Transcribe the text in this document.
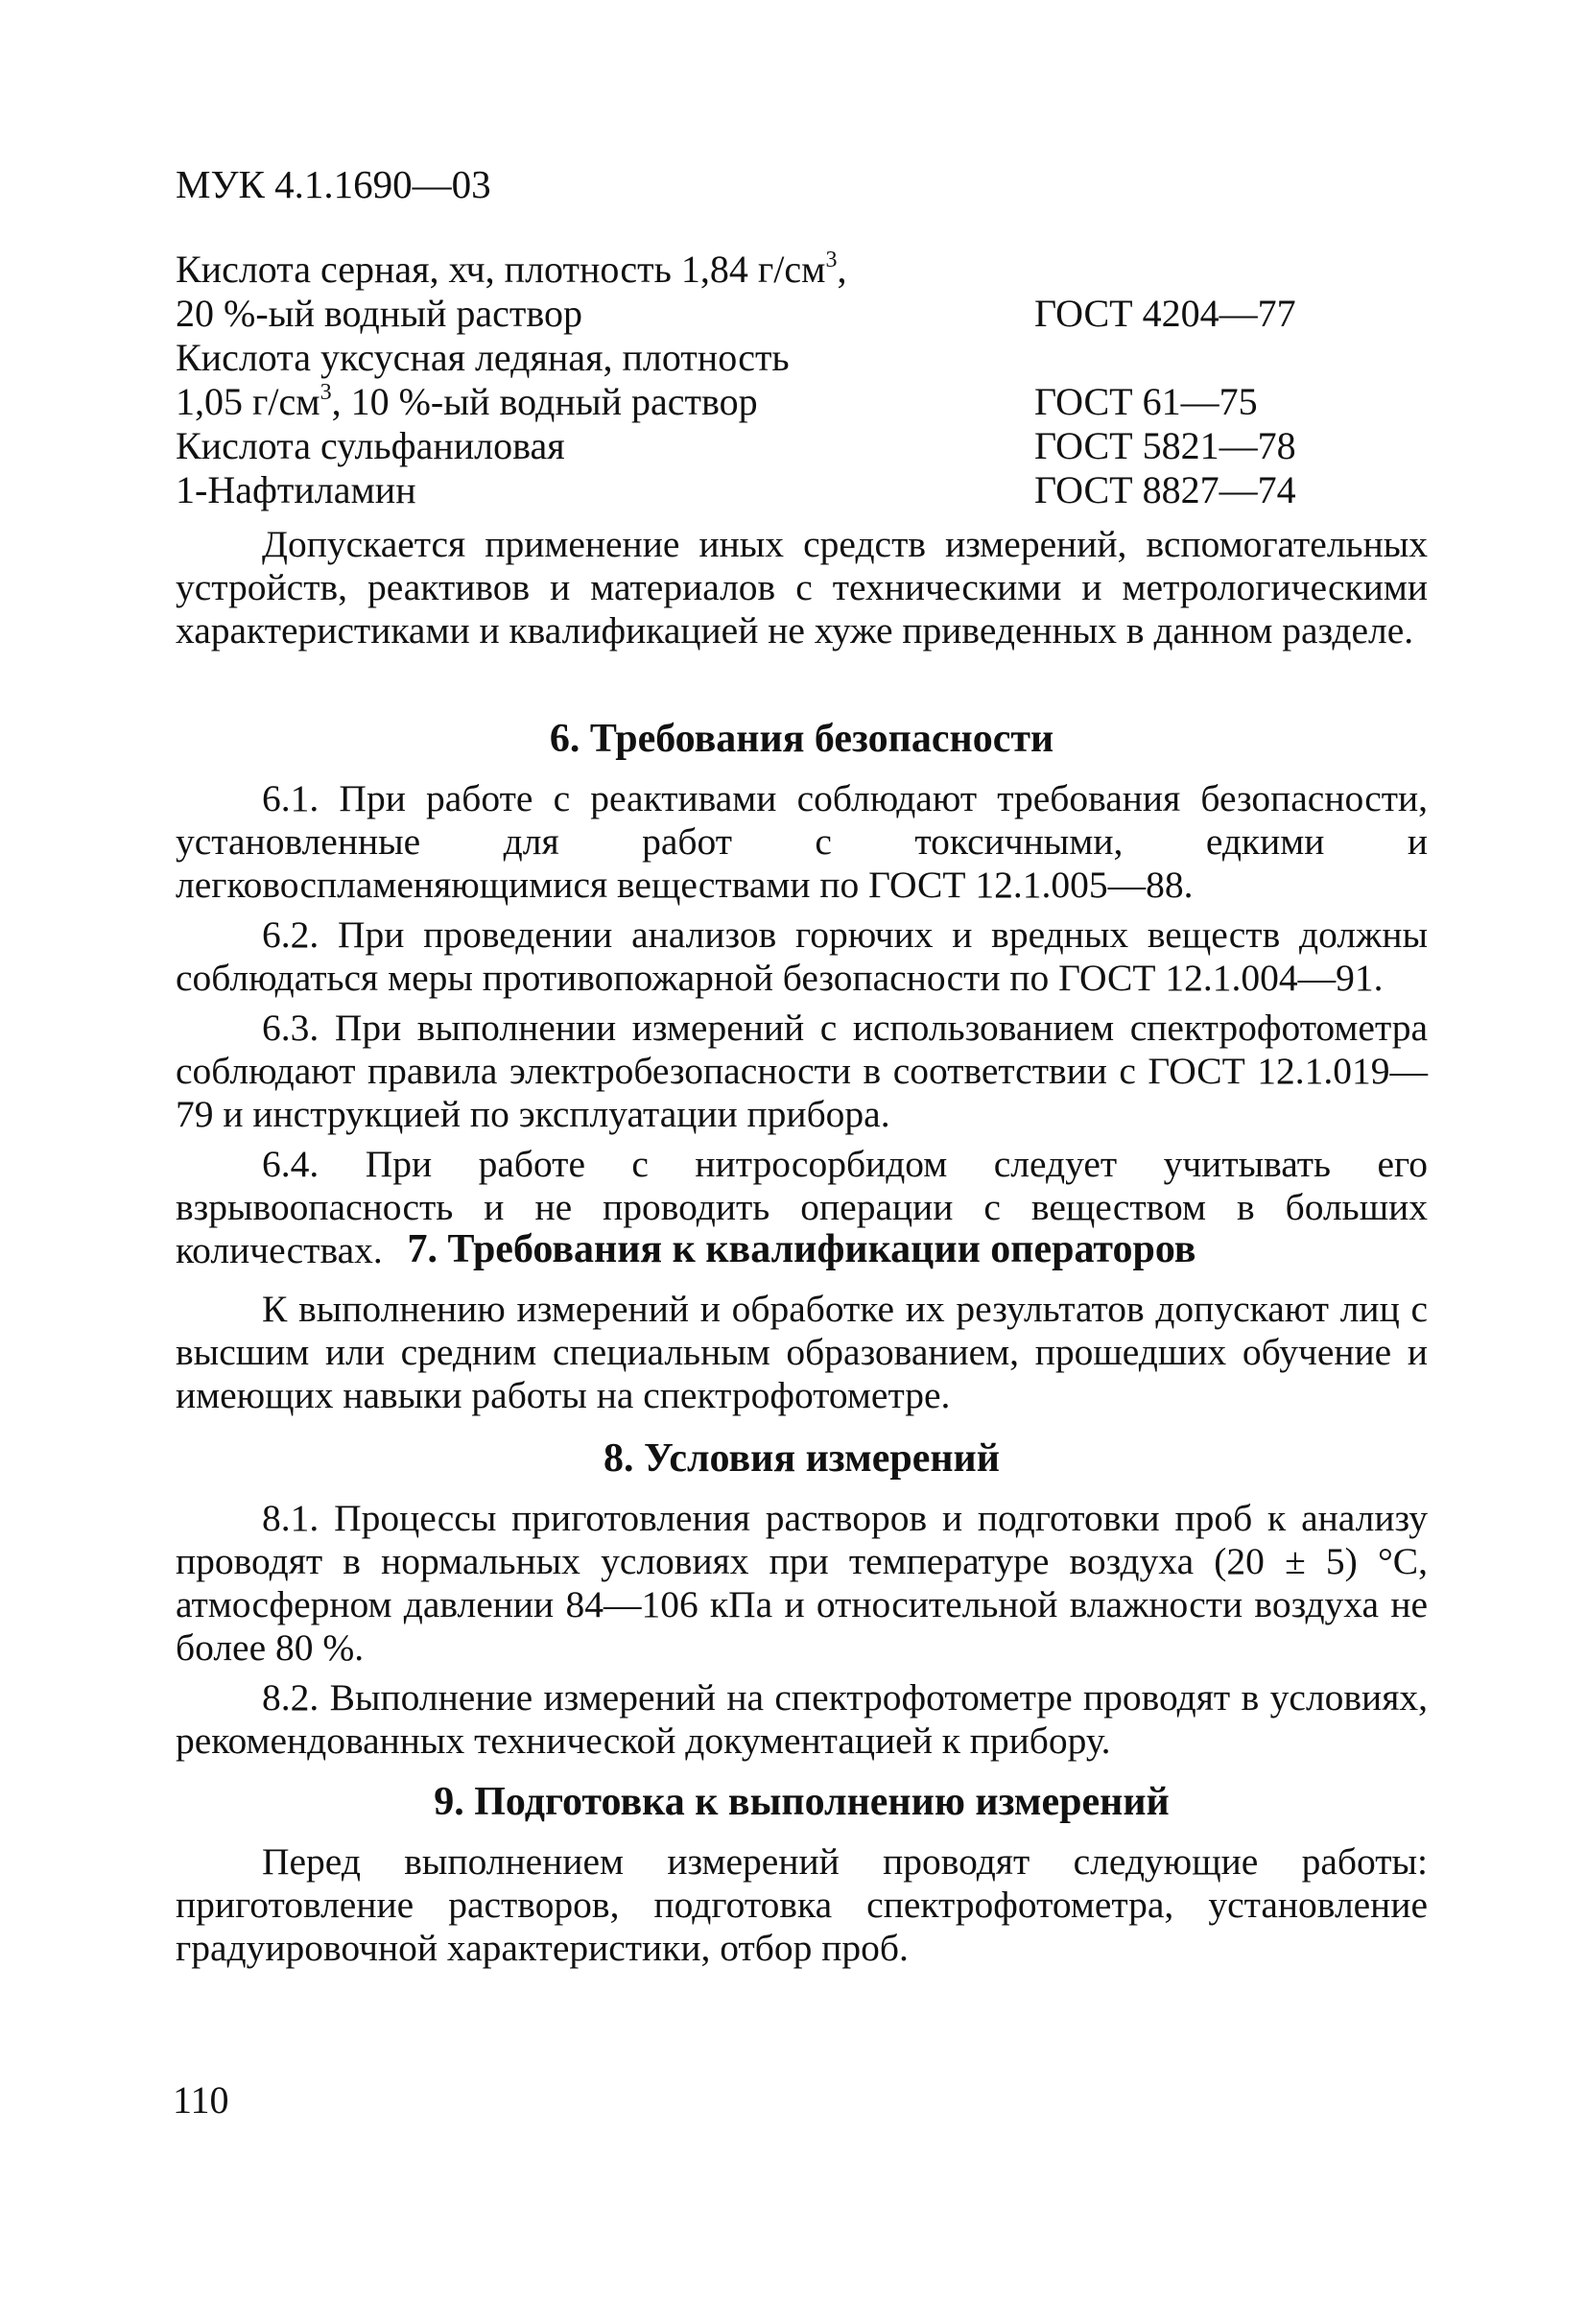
МУК 4.1.1690—03
Кислота серная, хч, плотность 1,84 $г/см^3$,
20 %-ый водный раствор	ГОСТ 4204—77
Кислота уксусная ледяная, плотность
1,05 $г/см^3$, 10 %-ый водный раствор	ГОСТ 61—75
Кислота сульфаниловая	ГОСТ 5821—78
1-Нафтиламин	ГОСТ 8827—74

Допускается применение иных средств измерений, вспомогательных устройств, реактивов и материалов с техническими и метрологическими характеристиками и квалификацией не хуже приведенных в данном разделе.

6. Требования безопасности

6.1. При работе с реактивами соблюдают требования безопасности, установленные для работ с токсичными, едкими и легковоспламеняющимися веществами по ГОСТ 12.1.005—88.

6.2. При проведении анализов горючих и вредных веществ должны соблюдаться меры противопожарной безопасности по ГОСТ 12.1.004—91.

6.3. При выполнении измерений с использованием спектрофотометра соблюдают правила электробезопасности в соответствии с ГОСТ 12.1.019—79 и инструкцией по эксплуатации прибора.

6.4. При работе с нитросорбидом следует учитывать его взрывоопасность и не проводить операции с веществом в больших количествах. 7. Требования к квалификации операторов

К выполнению измерений и обработке их результатов допускают лиц с высшим или средним специальным образованием, прошедших обучение и имеющих навыки работы на спектрофотометре.

8. Условия измерений

8.1. Процессы приготовления растворов и подготовки проб к анализу проводят в нормальных условиях при температуре воздуха (20 ± 5) °С, атмосферном давлении 84—106 кПа и относительной влажности воздуха не более 80 %.

8.2. Выполнение измерений на спектрофотометре проводят в условиях, рекомендованных технической документацией к прибору.

9. Подготовка к выполнению измерений

Перед выполнением измерений проводят следующие работы: приготовление растворов, подготовка спектрофотометра, установление градуировочной характеристики, отбор проб.

110
